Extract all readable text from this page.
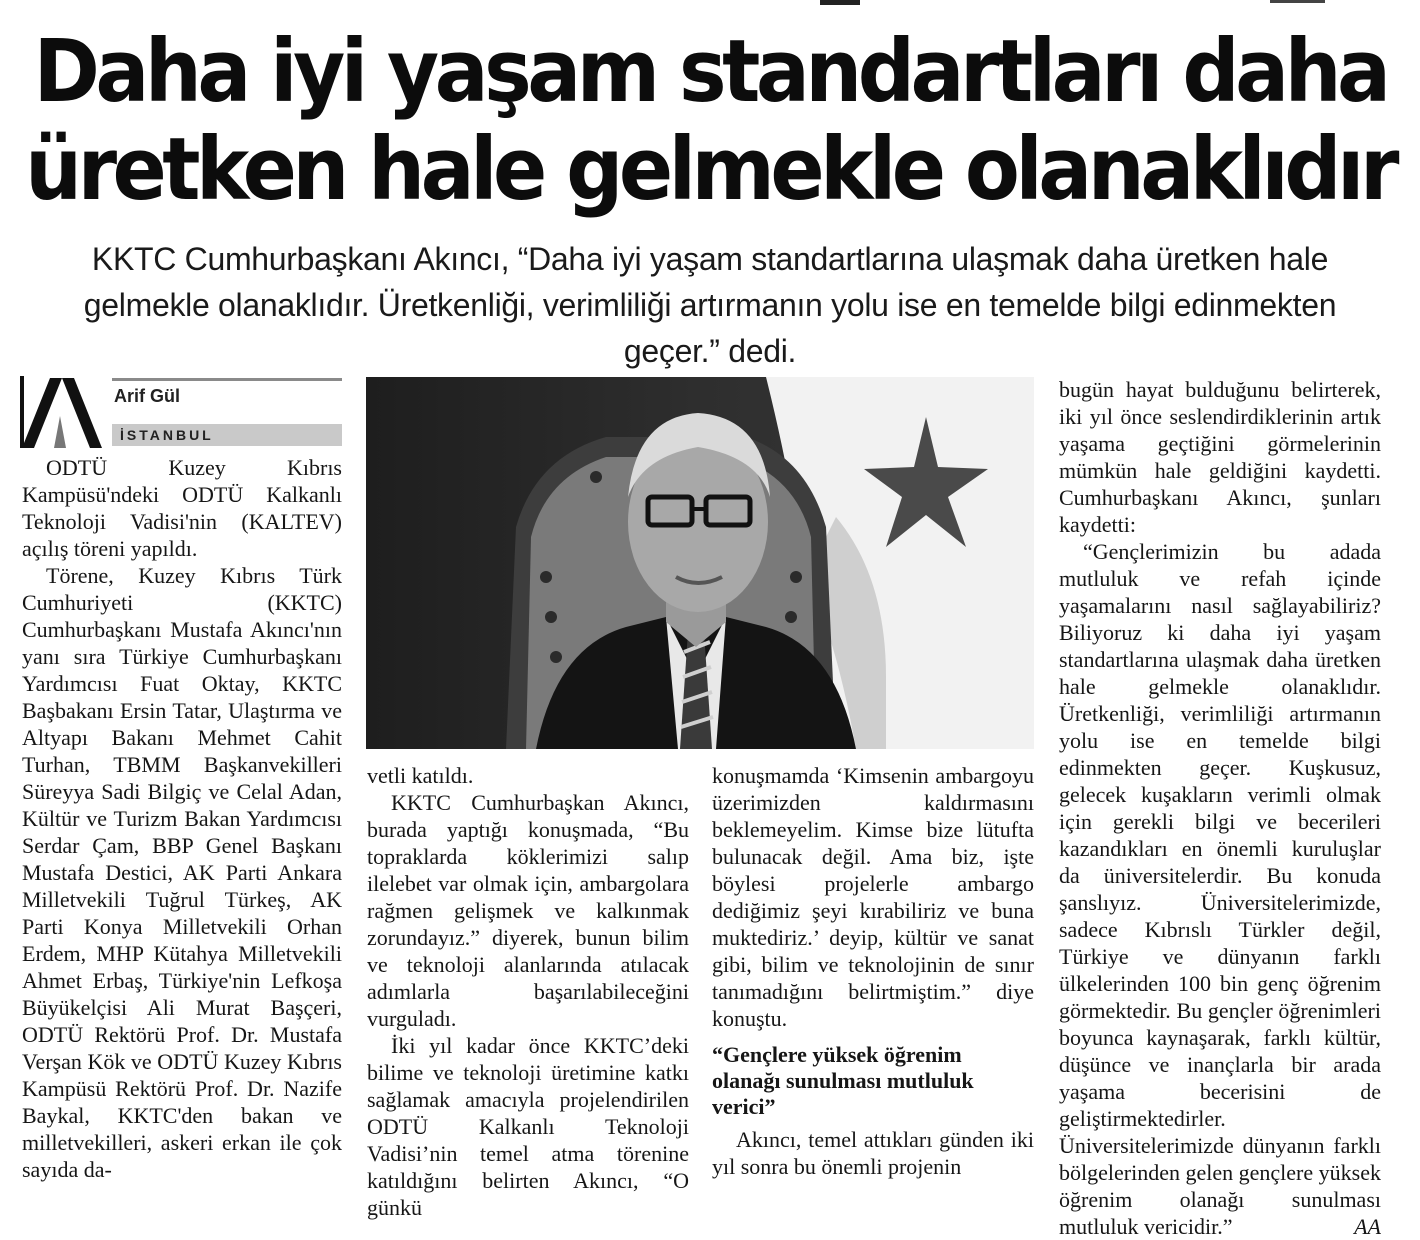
Daha iyi yaşam standartları daha
üretken hale gelmekle olanaklıdır

KKTC Cumhurbaşkanı Akıncı, “Daha iyi yaşam standartlarına ulaşmak daha üretken hale gelmekle olanaklıdır. Üretkenliği, verimliliği artırmanın yolu ise en temelde bilgi edinmekten geçer.” dedi.

Arif Gül
İSTANBUL

ODTÜ Kuzey Kıbrıs Kampüsü'ndeki ODTÜ Kalkanlı Teknoloji Vadisi'nin (KALTEV) açılış töreni yapıldı.

Törene, Kuzey Kıbrıs Türk Cumhuriyeti (KKTC) Cumhurbaşkanı Mustafa Akıncı'nın yanı sıra Türkiye Cumhurbaşkanı Yardımcısı Fuat Oktay, KKTC Başbakanı Ersin Tatar, Ulaştırma ve Altyapı Bakanı Mehmet Cahit Turhan, TBMM Başkanvekilleri Süreyya Sadi Bilgiç ve Celal Adan, Kültür ve Turizm Bakan Yardımcısı Serdar Çam, BBP Genel Başkanı Mustafa Destici, AK Parti Ankara Milletvekili Tuğrul Türkeş, AK Parti Konya Milletvekili Orhan Erdem, MHP Kütahya Milletvekili Ahmet Erbaş, Türkiye'nin Lefkoşa Büyükelçisi Ali Murat Başçeri, ODTÜ Rektörü Prof. Dr. Mustafa Verşan Kök ve ODTÜ Kuzey Kıbrıs Kampüsü Rektörü Prof. Dr. Nazife Baykal, KKTC'den bakan ve milletvekilleri, askeri erkan ile çok sayıda da-

vetli katıldı.

KKTC Cumhurbaşkan Akıncı, burada yaptığı konuşmada, “Bu topraklarda köklerimizi salıp ilelebet var olmak için, ambargolara rağmen gelişmek ve kalkınmak zorundayız.” diyerek, bunun bilim ve teknoloji alanlarında atılacak adımlarla başarılabileceğini vurguladı.

İki yıl kadar önce KKTC’deki bilime ve teknoloji üretimine katkı sağlamak amacıyla projelendirilen ODTÜ Kalkanlı Teknoloji Vadisi’nin temel atma törenine katıldığını belirten Akıncı, “O günkü

konuşmamda ‘Kimsenin ambargoyu üzerimizden kaldırmasını beklemeyelim. Kimse bize lütufta bulunacak değil. Ama biz, işte böylesi projelerle ambargo dediğimiz şeyi kırabiliriz ve buna muktediriz.’ deyip, kültür ve sanat gibi, bilim ve teknolojinin de sınır tanımadığını belirtmiştim.” diye konuştu.

“Gençlere yüksek öğrenim olanağı sunulması mutluluk verici”

Akıncı, temel attıkları günden iki yıl sonra bu önemli projenin

bugün hayat bulduğunu belirterek, iki yıl önce seslendirdiklerinin artık yaşama geçtiğini görmelerinin mümkün hale geldiğini kaydetti. Cumhurbaşkanı Akıncı, şunları kaydetti:

“Gençlerimizin bu adada mutluluk ve refah içinde yaşamalarını nasıl sağlayabiliriz? Biliyoruz ki daha iyi yaşam standartlarına ulaşmak daha üretken hale gelmekle olanaklıdır. Üretkenliği, verimliliği artırmanın yolu ise en temelde bilgi edinmekten geçer. Kuşkusuz, gelecek kuşakların verimli olmak için gerekli bilgi ve becerileri kazandıkları en önemli kuruluşlar da üniversitelerdir. Bu konuda şanslıyız. Üniversitelerimizde, sadece Kıbrıslı Türkler değil, Türkiye ve dünyanın farklı ülkelerinden 100 bin genç öğrenim görmektedir. Bu gençler öğrenimleri boyunca kaynaşarak, farklı kültür, düşünce ve inançlarla bir arada yaşama becerisini de geliştirmektedirler. Üniversitelerimizde dünyanın farklı bölgelerinden gelen gençlere yüksek öğrenim olanağı sunulması mutluluk vericidir.”	AA
